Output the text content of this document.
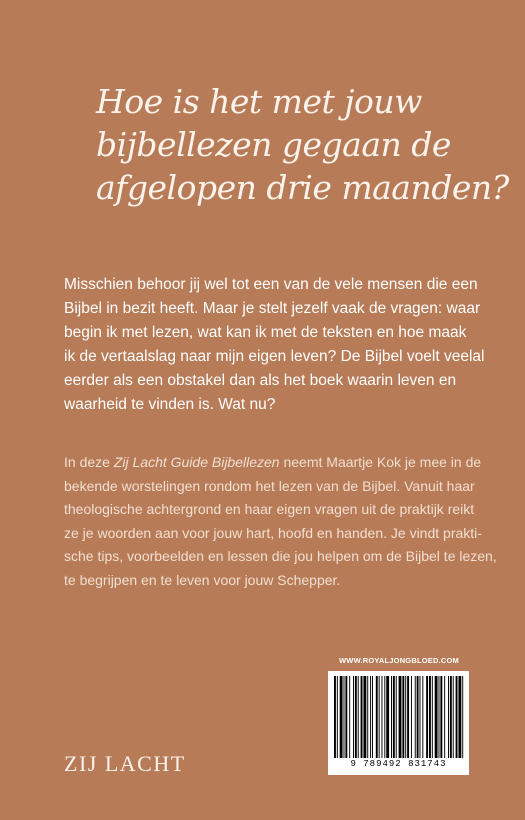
Hoe is het met jouw
bijbellezen gegaan de
afgelopen drie maanden?
Misschien behoor jij wel tot een van de vele mensen die een
Bijbel in bezit heeft. Maar je stelt jezelf vaak de vragen: waar
begin ik met lezen, wat kan ik met de teksten en hoe maak
ik de vertaalslag naar mijn eigen leven? De Bijbel voelt veelal
eerder als een obstakel dan als het boek waarin leven en
waarheid te vinden is. Wat nu?
In deze Zij Lacht Guide Bijbellezen neemt Maartje Kok je mee in de
bekende worstelingen rondom het lezen van de Bijbel. Vanuit haar
theologische achtergrond en haar eigen vragen uit de praktijk reikt
ze je woorden aan voor jouw hart, hoofd en handen. Je vindt prakti-
sche tips, voorbeelden en lessen die jou helpen om de Bijbel te lezen,
te begrijpen en te leven voor jouw Schepper.
WWW.ROYALJONGBLOED.COM
9 789492 831743
ZIJ LACHT
